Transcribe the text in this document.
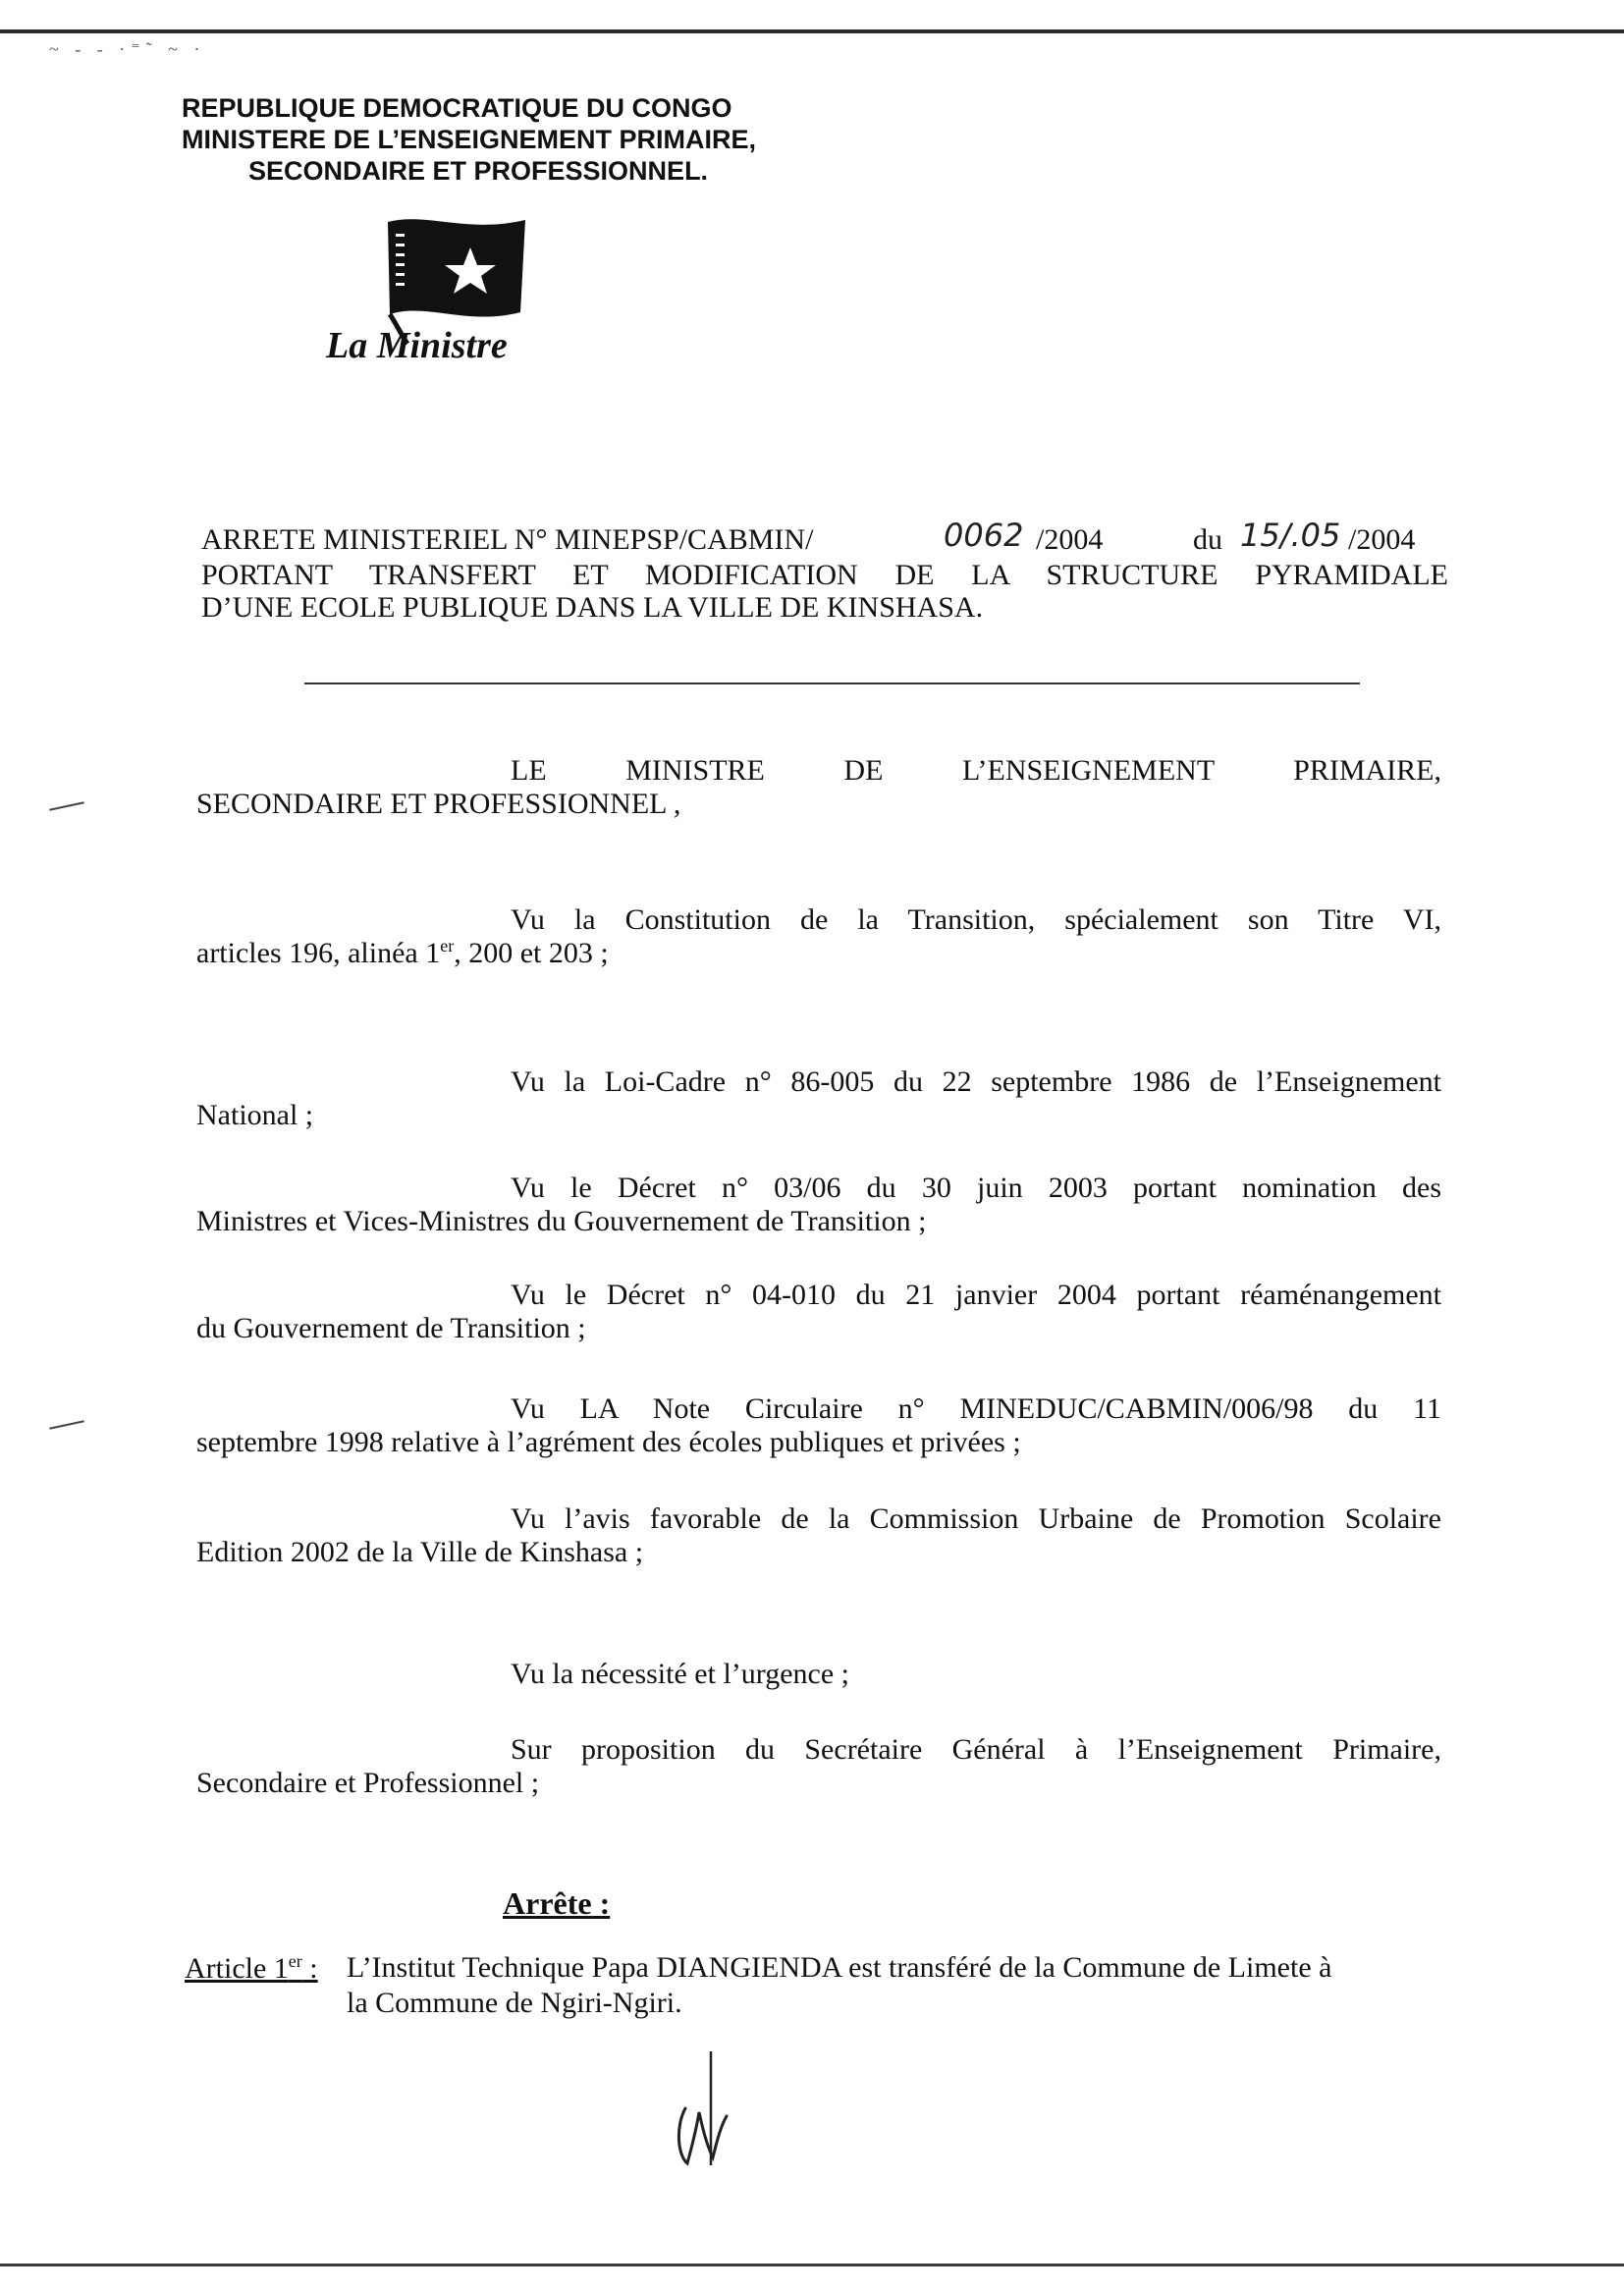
~ - - ·⁼˜ ~ ·
REPUBLIQUE DEMOCRATIQUE DU CONGO
MINISTERE DE L’ENSEIGNEMENT PRIMAIRE,
SECONDAIRE ET PROFESSIONNEL.
La Ministre
ARRETE MINISTERIEL N° MINEPSP/CABMIN/	0062 /2004	du 15/.05 /2004
PORTANT TRANSFERT ET MODIFICATION DE LA STRUCTURE PYRAMIDALE
D’UNE ECOLE PUBLIQUE DANS LA VILLE DE KINSHASA.
LE MINISTRE DE L’ENSEIGNEMENT PRIMAIRE,
SECONDAIRE ET PROFESSIONNEL ,
Vu la Constitution de la Transition, spécialement son Titre VI,
articles 196, alinéa 1er, 200 et 203 ;
Vu la Loi-Cadre n° 86-005 du 22 septembre 1986 de l’Enseignement
National ;
Vu le Décret n° 03/06 du 30 juin 2003 portant nomination des
Ministres et Vices-Ministres du Gouvernement de Transition ;
Vu le Décret n° 04-010 du 21 janvier 2004 portant réaménangement
du Gouvernement de Transition ;
Vu LA Note Circulaire n° MINEDUC/CABMIN/006/98 du 11
septembre 1998 relative à l’agrément des écoles publiques et privées ;
Vu l’avis favorable de la Commission Urbaine de Promotion Scolaire
Edition 2002 de la Ville de Kinshasa ;
Vu la nécessité et l’urgence ;
Sur proposition du Secrétaire Général à l’Enseignement Primaire,
Secondaire et Professionnel ;
Arrête :
Article 1er : L’Institut Technique Papa DIANGIENDA est transféré de la Commune de Limete à la Commune de Ngiri-Ngiri.
